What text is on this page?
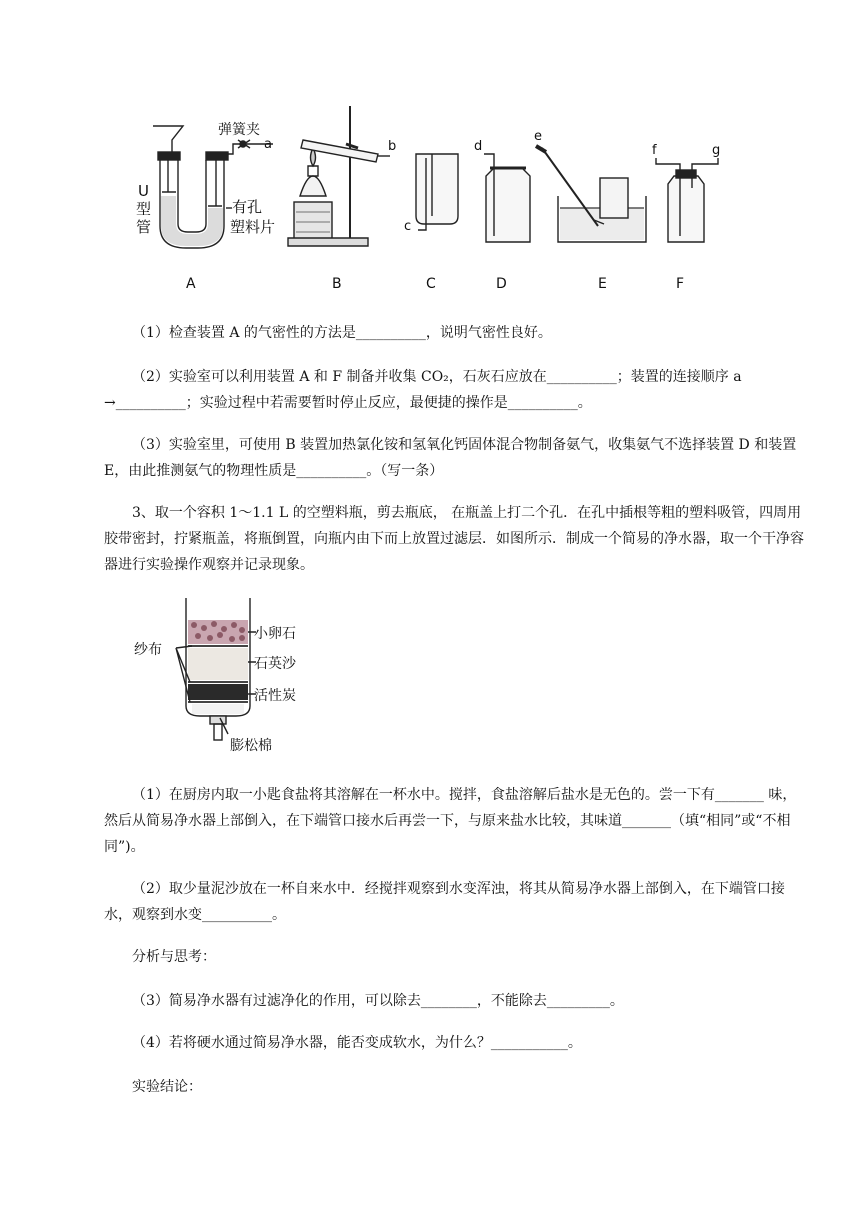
弹簧夹
a
U
型
管
有孔
塑料片
b
c
d
e
f	g
A	B	C	D	E	F

（1）检查装置 A 的气密性的方法是__________，说明气密性良好。

（2）实验室可以利用装置 A 和 F 制备并收集 CO₂，石灰石应放在__________；装置的连接顺序 a →__________；实验过程中若需要暂时停止反应，最便捷的操作是__________。

（3）实验室里，可使用 B 装置加热氯化铵和氢氧化钙固体混合物制备氨气，收集氨气不选择装置 D 和装置 E，由此推测氨气的物理性质是__________。（写一条）

3、取一个容积 1～1.1 L 的空塑料瓶，剪去瓶底， 在瓶盖上打二个孔．在孔中插根等粗的塑料吸管，四周用胶带密封，拧紧瓶盖，将瓶倒置，向瓶内由下而上放置过滤层．如图所示．制成一个简易的净水器，取一个干净容器进行实验操作观察并记录现象。

纱布
小卵石
石英沙
活性炭
膨松棉

（1）在厨房内取一小匙食盐将其溶解在一杯水中。搅拌，食盐溶解后盐水是无色的。尝一下有_______ 味，然后从简易净水器上部倒入，在下端管口接水后再尝一下，与原来盐水比较，其味道_______（填“相同”或“不相同”)。

（2）取少量泥沙放在一杯自来水中．经搅拌观察到水变浑浊，将其从简易净水器上部倒入，在下端管口接水，观察到水变__________。

分析与思考：

（3）简易净水器有过滤净化的作用，可以除去________，不能除去_________。

（4）若将硬水通过简易净水器，能否变成软水，为什么？___________。

实验结论：
